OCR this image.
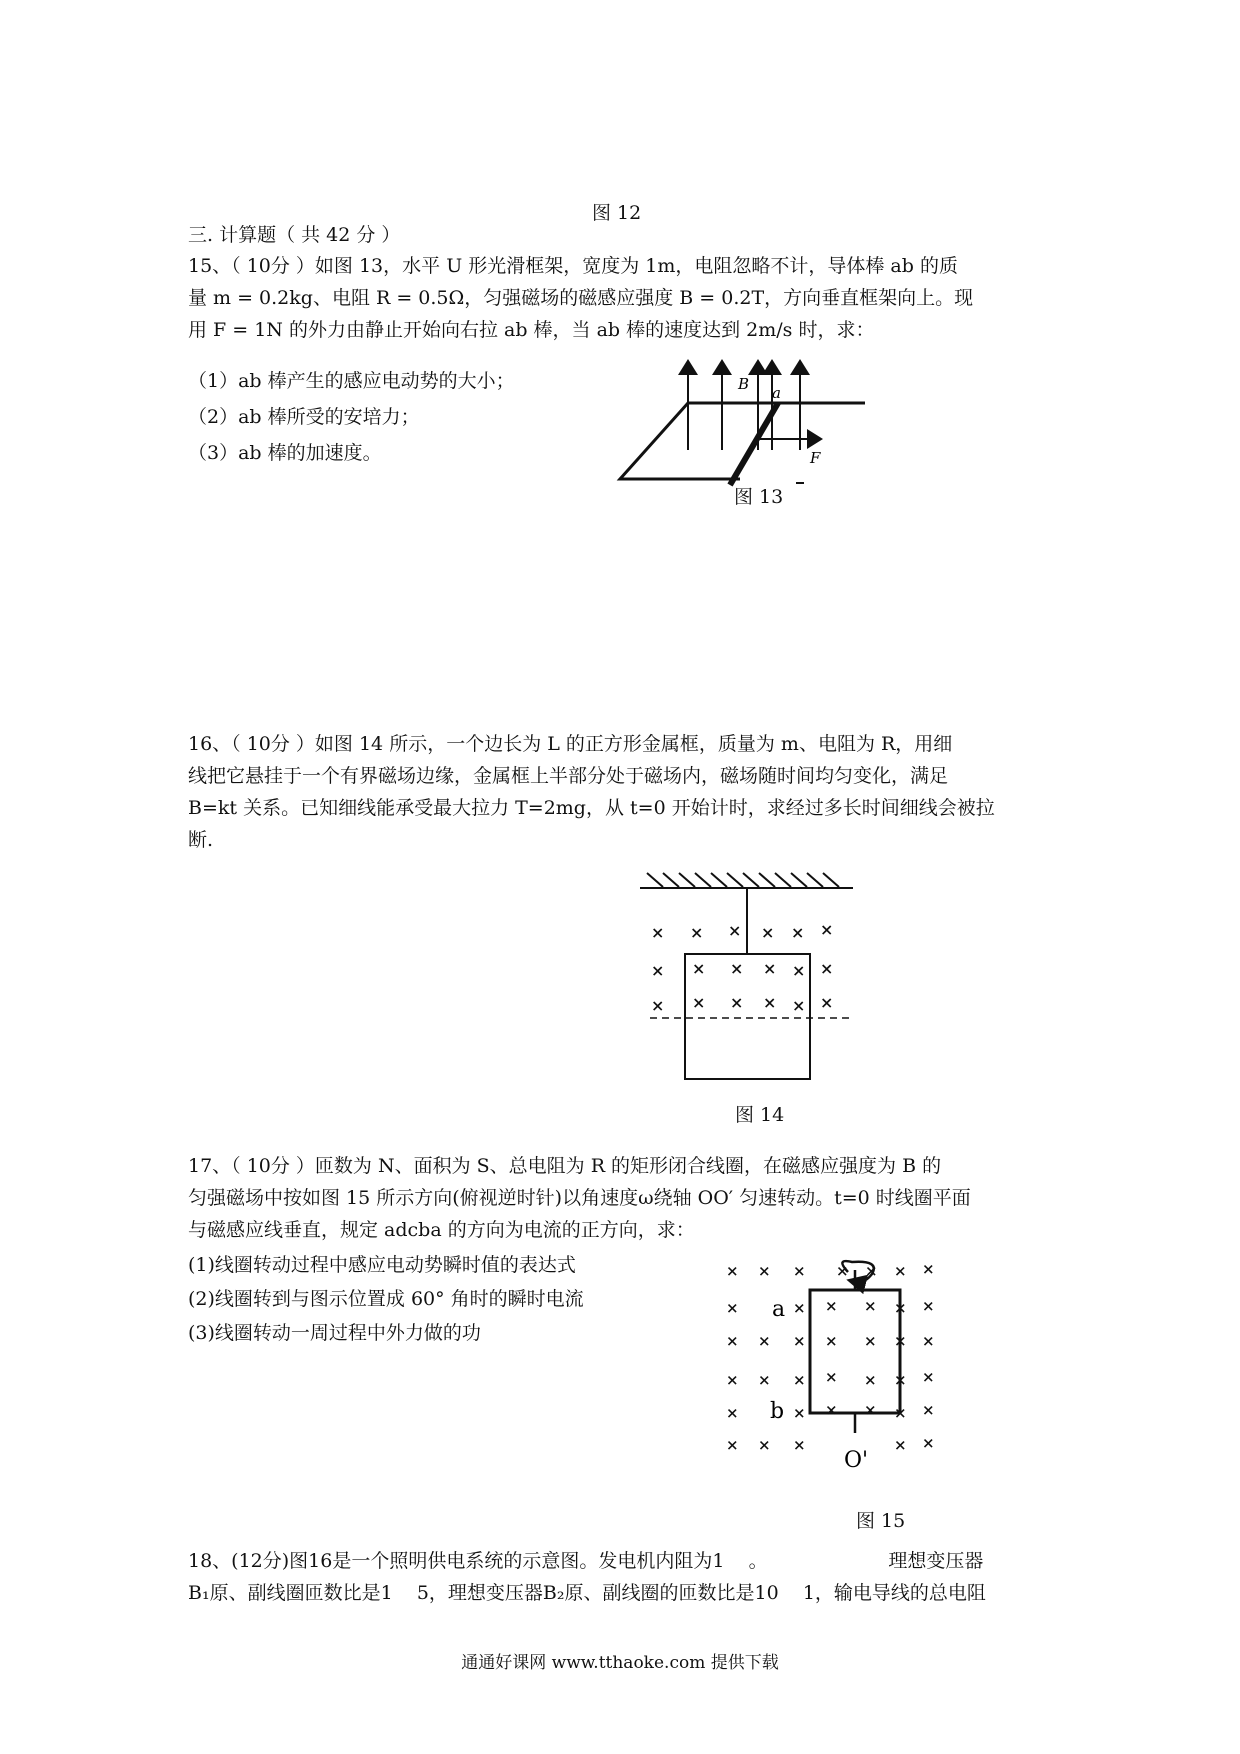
图 12
三. 计算题（ 共 42 分 ）
15、（ 10分 ）如图 13，水平 U 形光滑框架，宽度为 1m，电阻忽略不计，导体棒 ab 的质
量 m = 0.2kg、电阻 R = 0.5Ω，匀强磁场的磁感应强度 B = 0.2T，方向垂直框架向上。现
用 F = 1N 的外力由静止开始向右拉 ab 棒，当 ab 棒的速度达到 2m/s 时，求：
（1）ab 棒产生的感应电动势的大小；
（2）ab 棒所受的安培力；
（3）ab 棒的加速度。
B a
F
图 13
16、（ 10分 ）如图 14 所示，一个边长为 L 的正方形金属框，质量为 m、电阻为 R，用细
线把它悬挂于一个有界磁场边缘，金属框上半部分处于磁场内，磁场随时间均匀变化，满足
B=kt 关系。已知细线能承受最大拉力 T=2mg，从 t=0 开始计时，求经过多长时间细线会被拉
断.
× × × × × ×
× × × × × ×
× × × × × ×
图 14
17、（ 10分 ）匝数为 N、面积为 S、总电阻为 R 的矩形闭合线圈，在磁感应强度为 B 的
匀强磁场中按如图 15 所示方向(俯视逆时针)以角速度ω绕轴 OO′ 匀速转动。t=0 时线圈平面
与磁感应线垂直，规定 adcba 的方向为电流的正方向，求：
(1)线圈转动过程中感应电动势瞬时值的表达式
(2)线圈转到与图示位置成 60° 角时的瞬时电流
(3)线圈转动一周过程中外力做的功
a
b
O'
× × ×	× × ×
×
×	× × × × ×
× × × × × × ×
× × × × × × ×
×	× × × × ×
× × ×	× ×
图 15
18、(12分)图16是一个照明供电系统的示意图。发电机内阻为1    。                    理想变压器
B₁原、副线圈匝数比是1    5，理想变压器B₂原、副线圈的匝数比是10    1，输电导线的总电阻
通通好课网 www.tthaoke.com 提供下载
